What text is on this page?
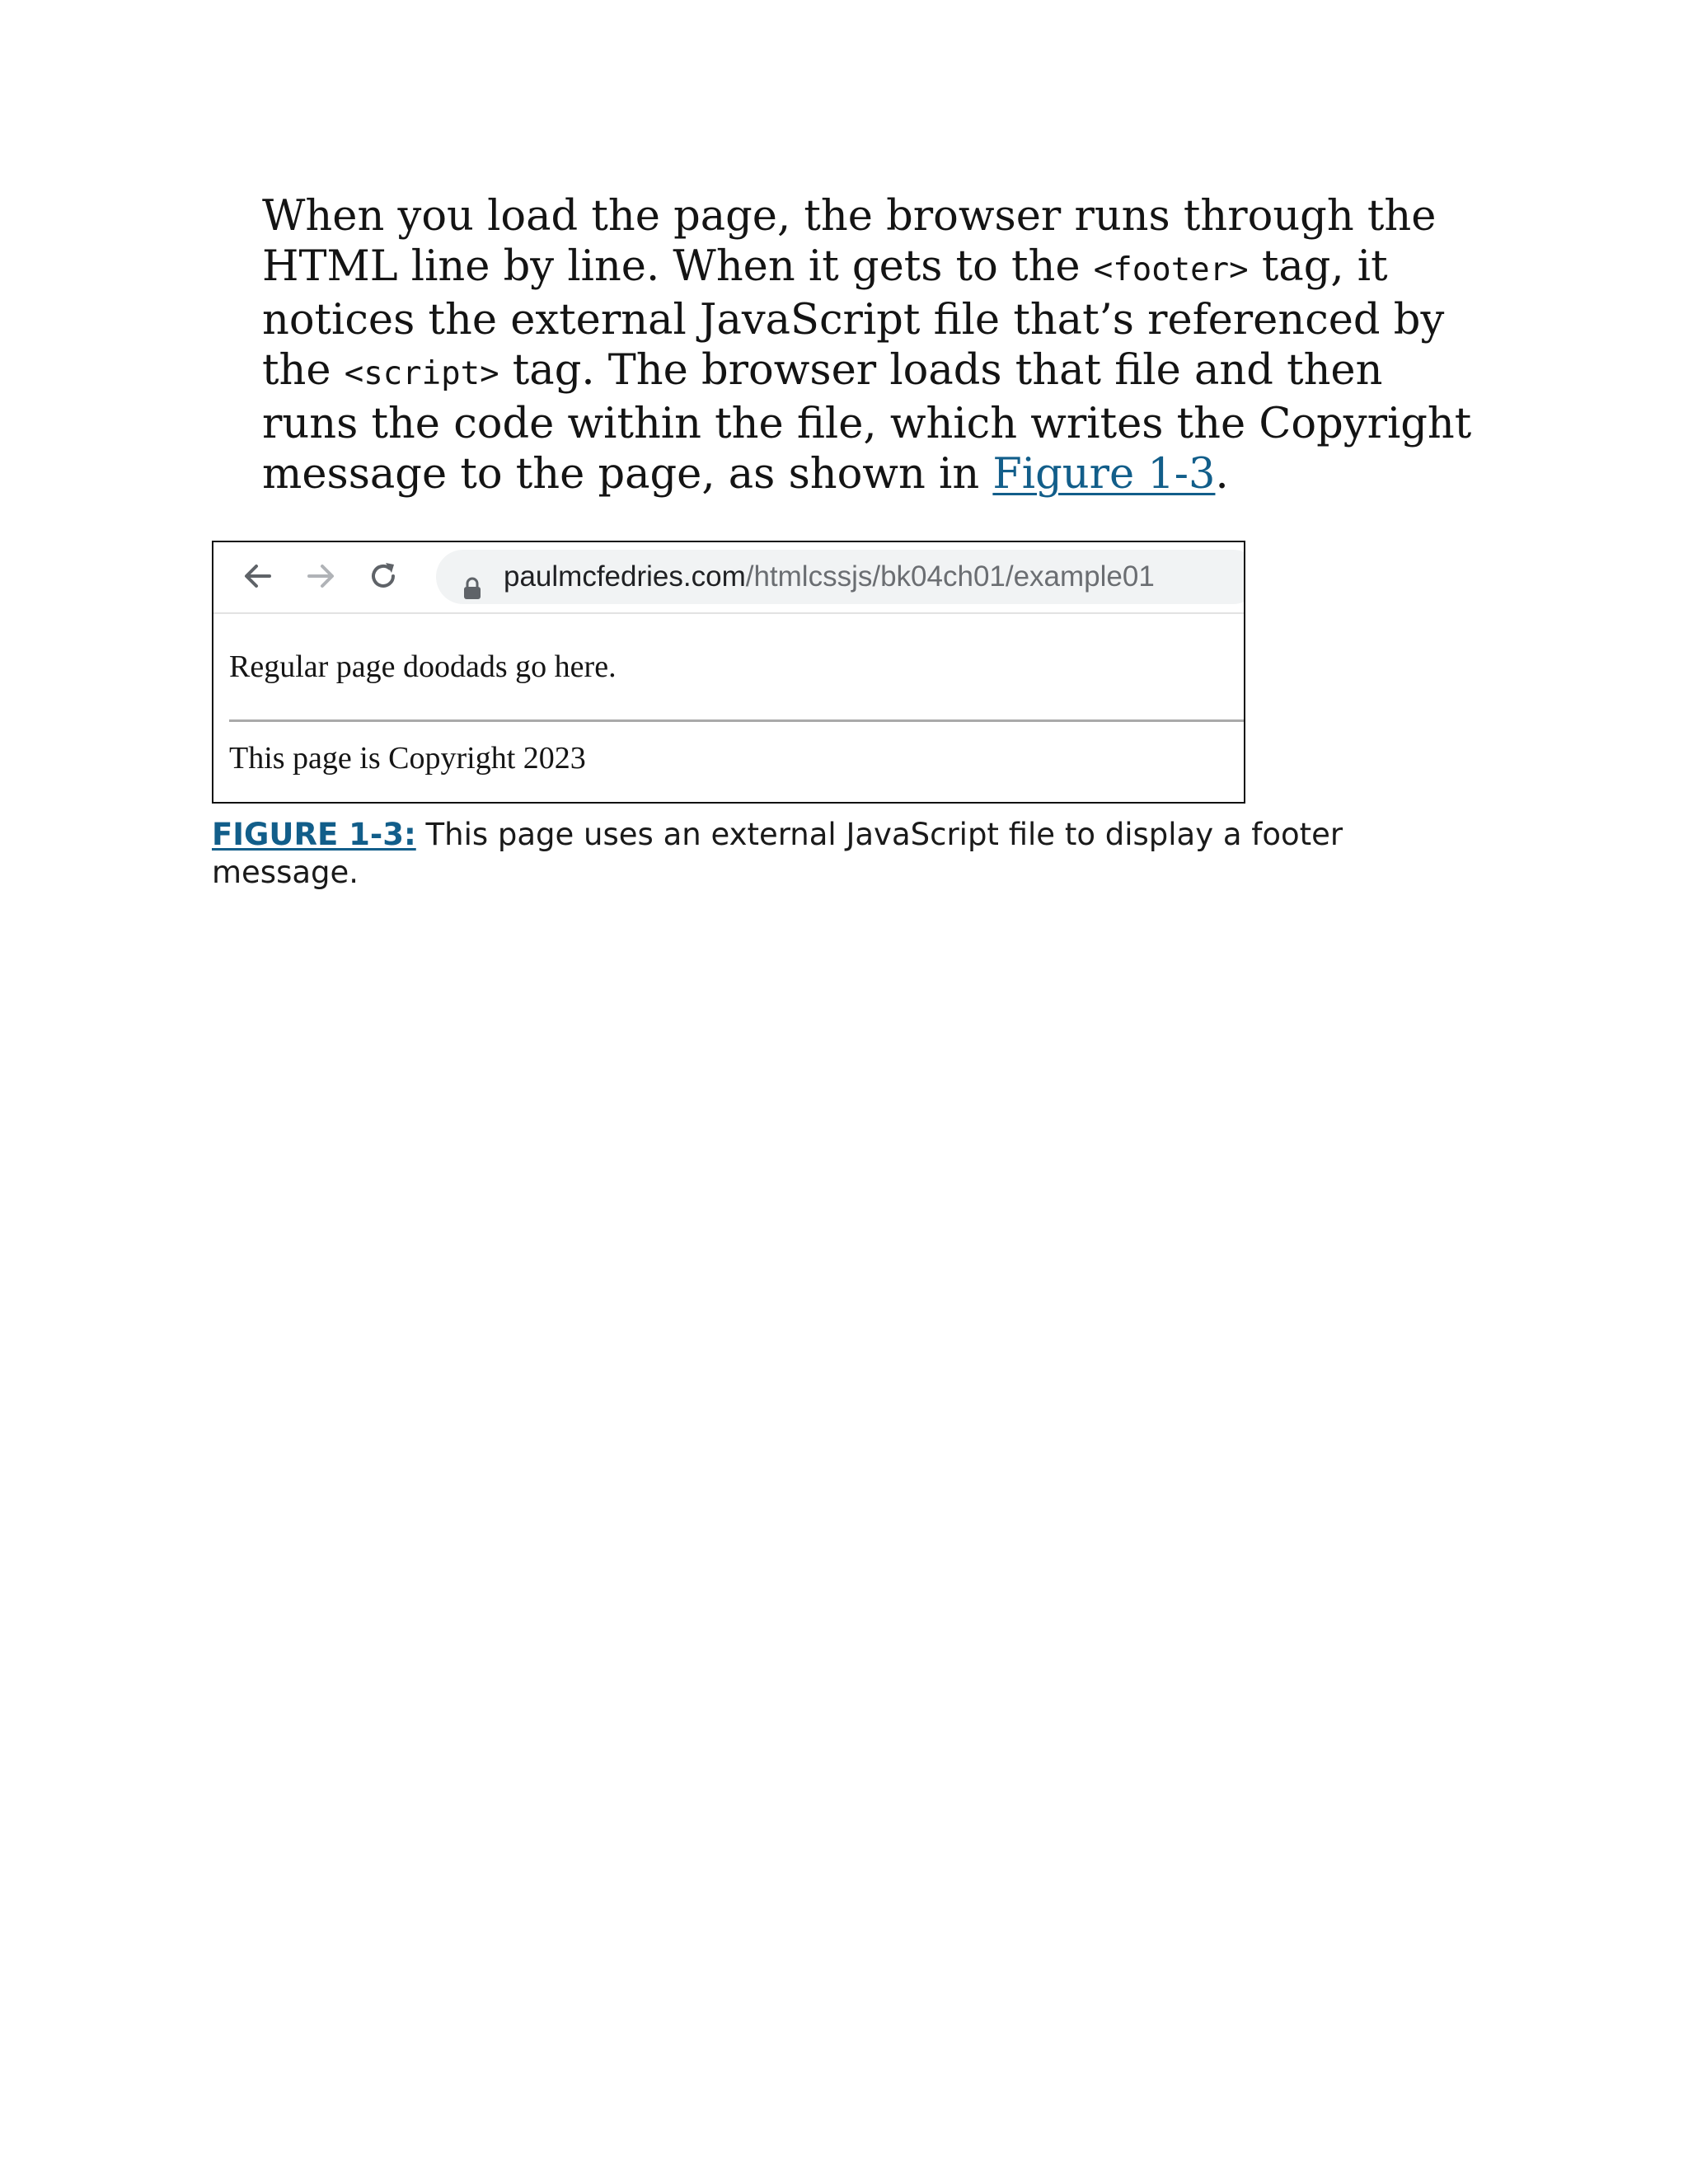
When you load the page, the browser runs through the HTML line by line. When it gets to the <footer> tag, it notices the external JavaScript file that’s referenced by the <script> tag. The browser loads that file and then runs the code within the file, which writes the Copyright message to the page, as shown in Figure 1-3.
paulmcfedries.com/htmlcssjs/bk04ch01/example01
Regular page doodads go here.
This page is Copyright 2023
FIGURE 1-3: This page uses an external JavaScript file to display a footer message.
